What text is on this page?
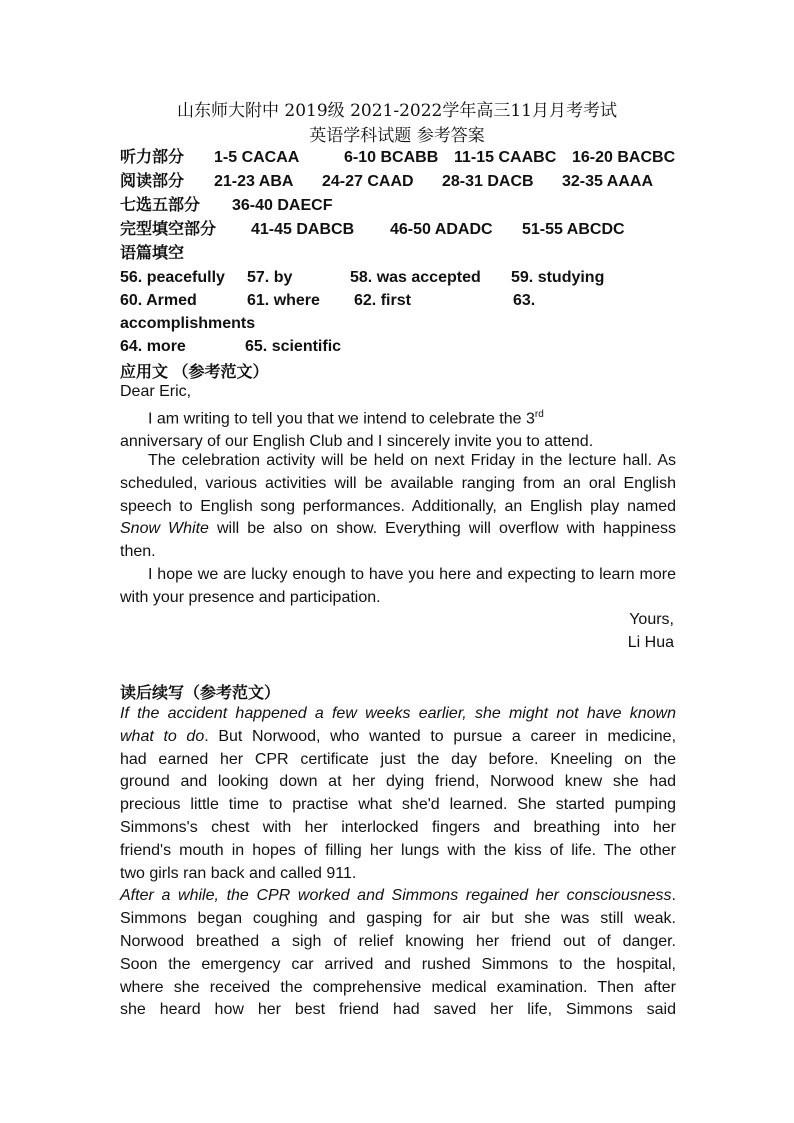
山东师大附中 2019级 2021-2022学年高三11月月考考试
英语学科试题 参考答案
听力部分 1-5 CACAA	6-10 BCABB 11-15 CAABC 16-20 BACBC
阅读部分 21-23 ABA 24-27 CAAD 28-31 DACB 32-35 AAAA
七选五部分 36-40 DAECF
完型填空部分 41-45 DABCB 46-50 ADADC 51-55 ABCDC
语篇填空
56. peacefully 57. by	58. was accepted 59. studying
60. Armed	61. where 62. first	63.
accomplishments
64. more	65. scientific
应用文 （参考范文）
Dear Eric,
I am writing to tell you that we intend to celebrate the 3rd
anniversary of our English Club and I sincerely invite you to attend.
The celebration activity will be held on next Friday in the lecture hall. As scheduled, various activities will be available ranging from an oral English speech to English song performances. Additionally, an English play named Snow White will be also on show. Everything will overflow with happiness then.
I hope we are lucky enough to have you here and expecting to learn more with your presence and participation.
Yours,
Li Hua
读后续写（参考范文）
If the accident happened a few weeks earlier, she might not have known
what to do. But Norwood, who wanted to pursue a career in medicine,
had earned her CPR certificate just the day before. Kneeling on the
ground and looking down at her dying friend, Norwood knew she had
precious little time to practise what she'd learned. She started pumping
Simmons's chest with her interlocked fingers and breathing into her
friend's mouth in hopes of filling her lungs with the kiss of life. The other
two girls ran back and called 911.
After a while, the CPR worked and Simmons regained her consciousness.
Simmons began coughing and gasping for air but she was still weak.
Norwood breathed a sigh of relief knowing her friend out of danger.
Soon the emergency car arrived and rushed Simmons to the hospital,
where she received the comprehensive medical examination. Then after
she heard how her best friend had saved her life, Simmons said
